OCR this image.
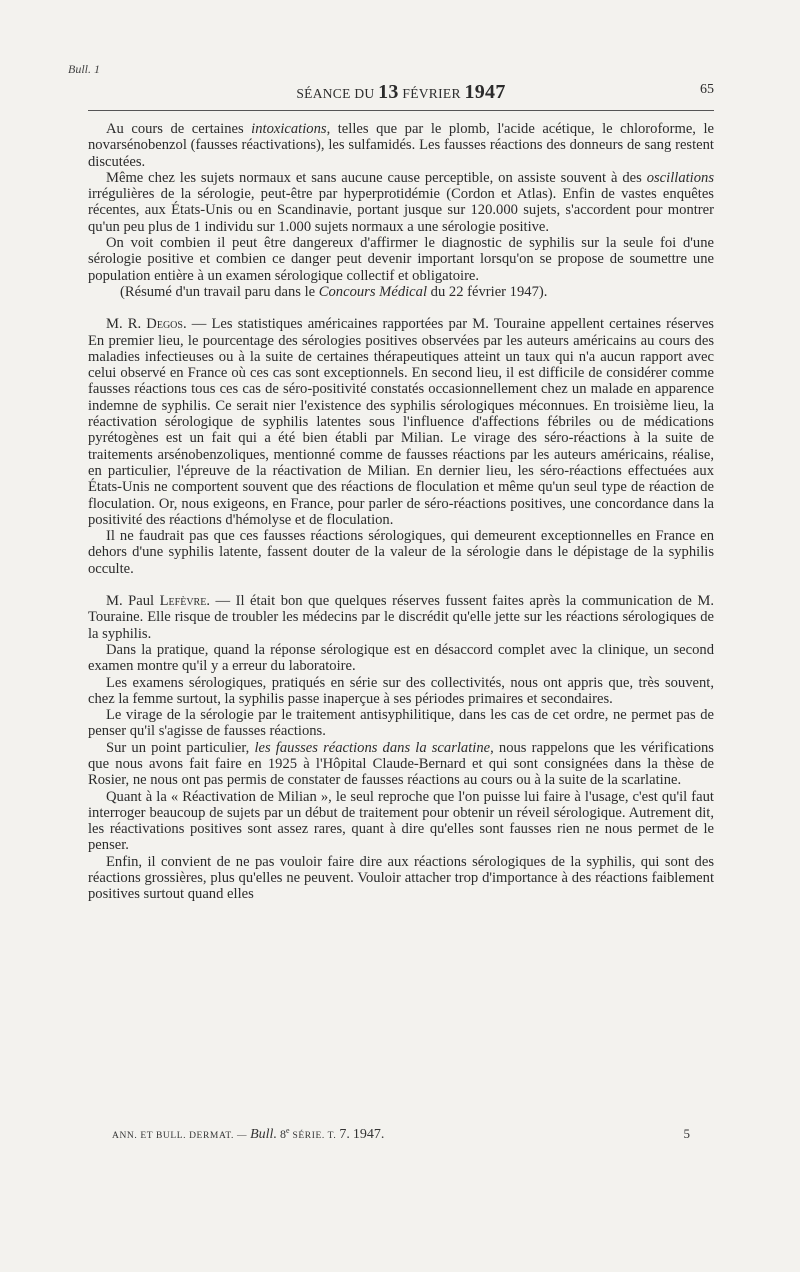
Bull. 1
SÉANCE DU 13 FÉVRIER 1947	65

Au cours de certaines intoxications, telles que par le plomb, l'acide acétique, le chloroforme, le novarsénobenzol (fausses réactivations), les sulfamidés. Les fausses réactions des donneurs de sang restent discutées.

Même chez les sujets normaux et sans aucune cause perceptible, on assiste souvent à des oscillations irrégulières de la sérologie, peut-être par hyperprotidémie (Cordon et Atlas). Enfin de vastes enquêtes récentes, aux États-Unis ou en Scandinavie, portant jusque sur 120.000 sujets, s'accordent pour montrer qu'un peu plus de 1 individu sur 1.000 sujets normaux a une sérologie positive.

On voit combien il peut être dangereux d'affirmer le diagnostic de syphilis sur la seule foi d'une sérologie positive et combien ce danger peut devenir important lorsqu'on se propose de soumettre une population entière à un examen sérologique collectif et obligatoire.

(Résumé d'un travail paru dans le Concours Médical du 22 février 1947).

M. R. Degos. — Les statistiques américaines rapportées par M. Touraine appellent certaines réserves En premier lieu, le pourcentage des sérologies positives observées par les auteurs américains au cours des maladies infectieuses ou à la suite de certaines thérapeutiques atteint un taux qui n'a aucun rapport avec celui observé en France où ces cas sont exceptionnels. En second lieu, il est difficile de considérer comme fausses réactions tous ces cas de séro-positivité constatés occasionnellement chez un malade en apparence indemne de syphilis. Ce serait nier l'existence des syphilis sérologiques méconnues. En troisième lieu, la réactivation sérologique de syphilis latentes sous l'influence d'affections fébriles ou de médications pyrétogènes est un fait qui a été bien établi par Milian. Le virage des séro-réactions à la suite de traitements arsénobenzoliques, mentionné comme de fausses réactions par les auteurs américains, réalise, en particulier, l'épreuve de la réactivation de Milian. En dernier lieu, les séro-réactions effectuées aux États-Unis ne comportent souvent que des réactions de floculation et même qu'un seul type de réaction de floculation. Or, nous exigeons, en France, pour parler de séro-réactions positives, une concordance dans la positivité des réactions d'hémolyse et de floculation.

Il ne faudrait pas que ces fausses réactions sérologiques, qui demeurent exceptionnelles en France en dehors d'une syphilis latente, fassent douter de la valeur de la sérologie dans le dépistage de la syphilis occulte.

M. Paul Lefèvre. — Il était bon que quelques réserves fussent faites après la communication de M. Touraine. Elle risque de troubler les médecins par le discrédit qu'elle jette sur les réactions sérologiques de la syphilis.

Dans la pratique, quand la réponse sérologique est en désaccord complet avec la clinique, un second examen montre qu'il y a erreur du laboratoire.

Les examens sérologiques, pratiqués en série sur des collectivités, nous ont appris que, très souvent, chez la femme surtout, la syphilis passe inaperçue à ses périodes primaires et secondaires.

Le virage de la sérologie par le traitement antisyphilitique, dans les cas de cet ordre, ne permet pas de penser qu'il s'agisse de fausses réactions.

Sur un point particulier, les fausses réactions dans la scarlatine, nous rappelons que les vérifications que nous avons fait faire en 1925 à l'Hôpital Claude-Bernard et qui sont consignées dans la thèse de Rosier, ne nous ont pas permis de constater de fausses réactions au cours ou à la suite de la scarlatine.

Quant à la « Réactivation de Milian », le seul reproche que l'on puisse lui faire à l'usage, c'est qu'il faut interroger beaucoup de sujets par un début de traitement pour obtenir un réveil sérologique. Autrement dit, les réactivations positives sont assez rares, quant à dire qu'elles sont fausses rien ne nous permet de le penser.

Enfin, il convient de ne pas vouloir faire dire aux réactions sérologiques de la syphilis, qui sont des réactions grossières, plus qu'elles ne peuvent. Vouloir attacher trop d'importance à des réactions faiblement positives surtout quand elles

ANN. ET BULL. DERMAT. — Bull. 8e SÉRIE. T. 7. 1947.	5
